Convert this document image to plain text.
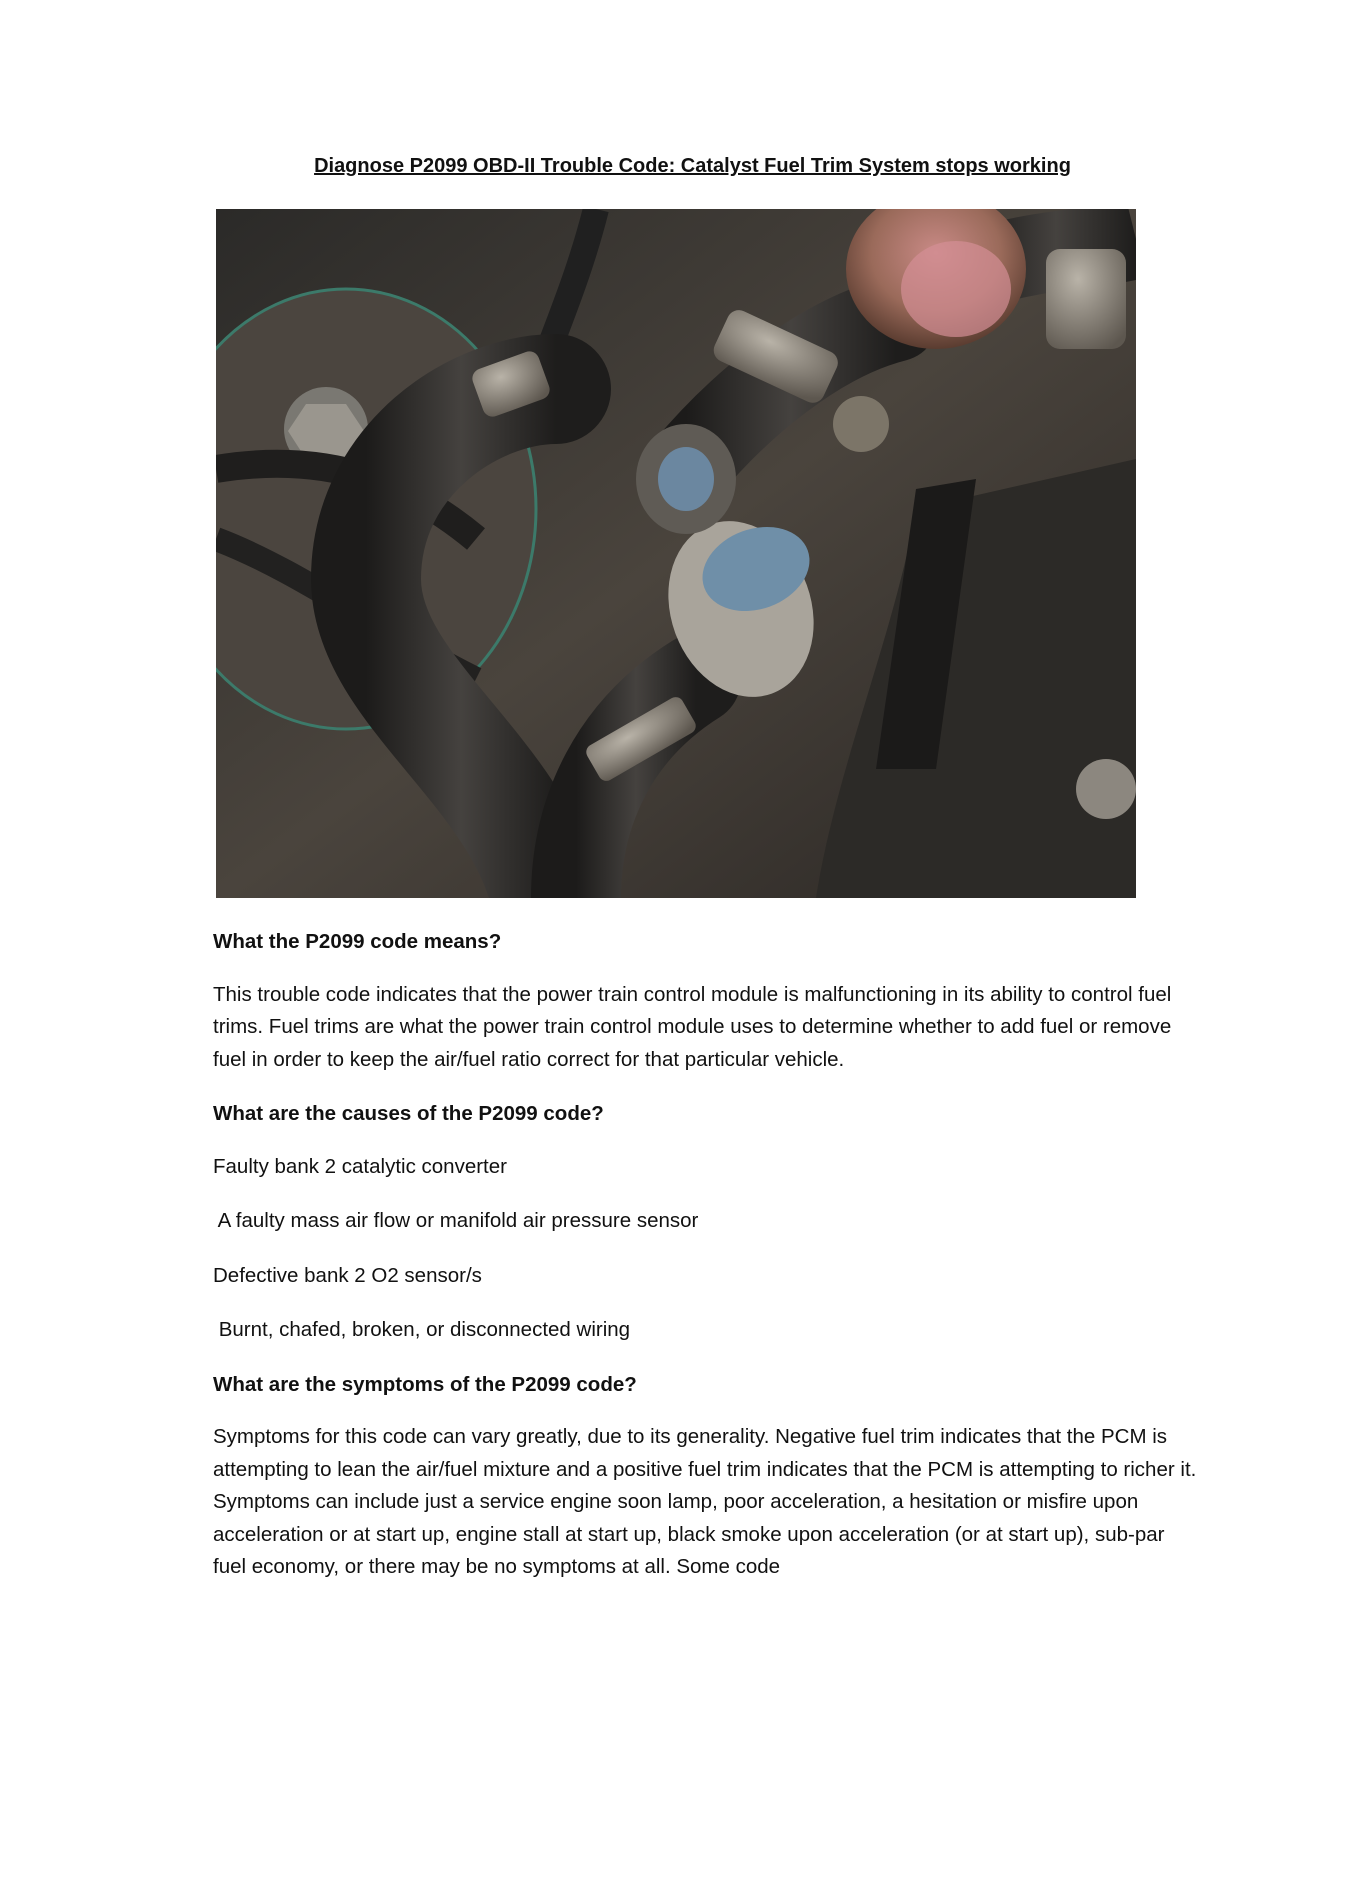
Diagnose P2099 OBD-II Trouble Code: Catalyst Fuel Trim System stops working
What the P2099 code means?

This trouble code indicates that the power train control module is malfunctioning in its ability to control fuel trims. Fuel trims are what the power train control module uses to determine whether to add fuel or remove fuel in order to keep the air/fuel ratio correct for that particular vehicle.

What are the causes of the P2099 code?

Faulty bank 2 catalytic converter

A faulty mass air flow or manifold air pressure sensor

Defective bank 2 O2 sensor/s

Burnt, chafed, broken, or disconnected wiring

What are the symptoms of the P2099 code?

Symptoms for this code can vary greatly, due to its generality. Negative fuel trim indicates that the PCM is attempting to lean the air/fuel mixture and a positive fuel trim indicates that the PCM is attempting to richer it. Symptoms can include just a service engine soon lamp, poor acceleration, a hesitation or misfire upon acceleration or at start up, engine stall at start up, black smoke upon acceleration (or at start up), sub-par fuel economy, or there may be no symptoms at all. Some code
